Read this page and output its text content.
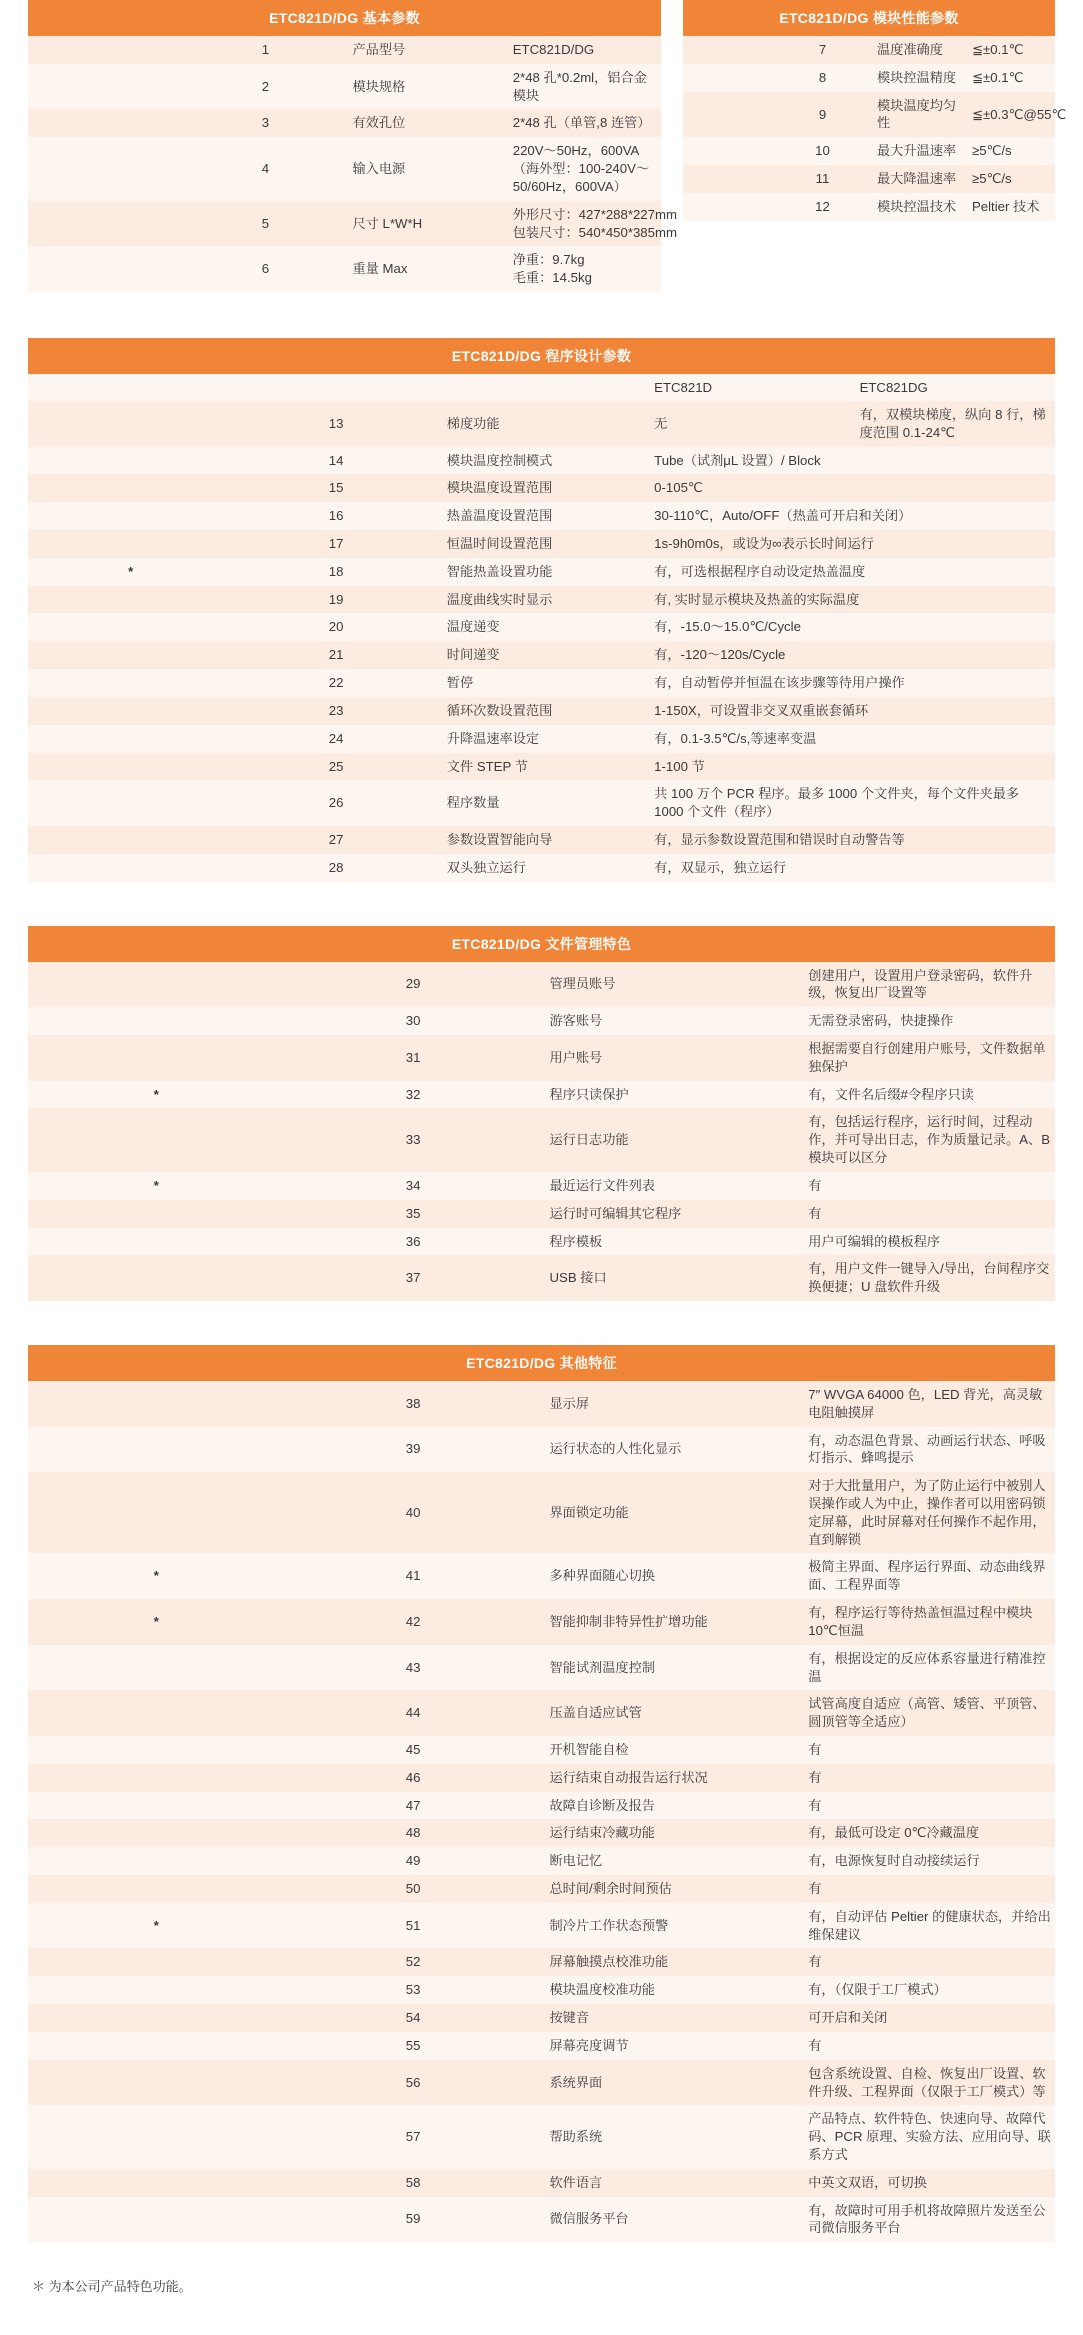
ETC821D/DG 基本参数			
	1	产品型号	ETC821D/DG
	2	模块规格	2*48 孔*0.2ml，铝合金模块
	3	有效孔位	2*48 孔（单管,8 连管）
	4	输入电源	220V～50Hz，600VA（海外型：100-240V～50/60Hz，600VA）
	5	尺寸 L*W*H	外形尺寸：427*288*227mm包装尺寸：540*450*385mm
	6	重量 Max	净重：9.7kg毛重：14.5kg
ETC821D/DG 模块性能参数			
	7	温度准确度	≦±0.1℃
	8	模块控温精度	≦±0.1℃
	9	模块温度均匀性	≦±0.3℃@55℃
	10	最大升温速率	≥5℃/s
	11	最大降温速率	≥5℃/s
	12	模块控温技术	Peltier 技术
ETC821D/DG 程序设计参数				
			ETC821D	ETC821DG
	13	梯度功能	无	有，双模块梯度，纵向 8 行，梯度范围 0.1-24℃
	14	模块温度控制模式	Tube（试剂μL 设置）/ Block	
	15	模块温度设置范围	0-105℃	
	16	热盖温度设置范围	30-110℃，Auto/OFF（热盖可开启和关闭）	
	17	恒温时间设置范围	1s-9h0m0s，或设为∞表示长时间运行	
*	18	智能热盖设置功能	有，可选根据程序自动设定热盖温度	
	19	温度曲线实时显示	有, 实时显示模块及热盖的实际温度	
	20	温度递变	有，-15.0～15.0℃/Cycle	
	21	时间递变	有，-120～120s/Cycle	
	22	暂停	有，自动暂停并恒温在该步骤等待用户操作	
	23	循环次数设置范围	1-150X，可设置非交叉双重嵌套循环	
	24	升降温速率设定	有，0.1-3.5℃/s,等速率变温	
	25	文件 STEP 节	1-100 节	
	26	程序数量	共 100 万个 PCR 程序。最多 1000 个文件夹，每个文件夹最多 1000 个文件（程序）	
	27	参数设置智能向导	有，显示参数设置范围和错误时自动警告等	
	28	双头独立运行	有，双显示，独立运行	
ETC821D/DG 文件管理特色			
	29	管理员账号	创建用户，设置用户登录密码，软件升级，恢复出厂设置等
	30	游客账号	无需登录密码，快捷操作
	31	用户账号	根据需要自行创建用户账号，文件数据单独保护
*	32	程序只读保护	有，文件名后缀#令程序只读
	33	运行日志功能	有，包括运行程序，运行时间，过程动作，并可导出日志，作为质量记录。A、B 模块可以区分
*	34	最近运行文件列表	有
	35	运行时可编辑其它程序	有
	36	程序模板	用户可编辑的模板程序
	37	USB 接口	有，用户文件一键导入/导出，台间程序交换便捷；U 盘软件升级
ETC821D/DG 其他特征			
	38	显示屏	7″ WVGA 64000 色，LED 背光，高灵敏电阻触摸屏
	39	运行状态的人性化显示	有，动态温色背景、动画运行状态、呼吸灯指示、蜂鸣提示
	40	界面锁定功能	对于大批量用户，为了防止运行中被别人误操作或人为中止，操作者可以用密码锁定屏幕，此时屏幕对任何操作不起作用，直到解锁
*	41	多种界面随心切换	极简主界面、程序运行界面、动态曲线界面、工程界面等
*	42	智能抑制非特异性扩增功能	有，程序运行等待热盖恒温过程中模块 10℃恒温
	43	智能试剂温度控制	有，根据设定的反应体系容量进行精准控温
	44	压盖自适应试管	试管高度自适应（高管、矮管、平顶管、圆顶管等全适应）
	45	开机智能自检	有
	46	运行结束自动报告运行状况	有
	47	故障自诊断及报告	有
	48	运行结束冷藏功能	有，最低可设定 0℃冷藏温度
	49	断电记忆	有，电源恢复时自动接续运行
	50	总时间/剩余时间预估	有
*	51	制冷片工作状态预警	有，自动评估 Peltier 的健康状态，并给出维保建议
	52	屏幕触摸点校准功能	有
	53	模块温度校准功能	有，（仅限于工厂模式）
	54	按键音	可开启和关闭
	55	屏幕亮度调节	有
	56	系统界面	包含系统设置、自检、恢复出厂设置、软件升级、工程界面（仅限于工厂模式）等
	57	帮助系统	产品特点、软件特色、快速向导、故障代码、PCR 原理、实验方法、应用向导、联系方式
	58	软件语言	中英文双语，可切换
	59	微信服务平台	有，故障时可用手机将故障照片发送至公司微信服务平台
＊ 为本公司产品特色功能。
